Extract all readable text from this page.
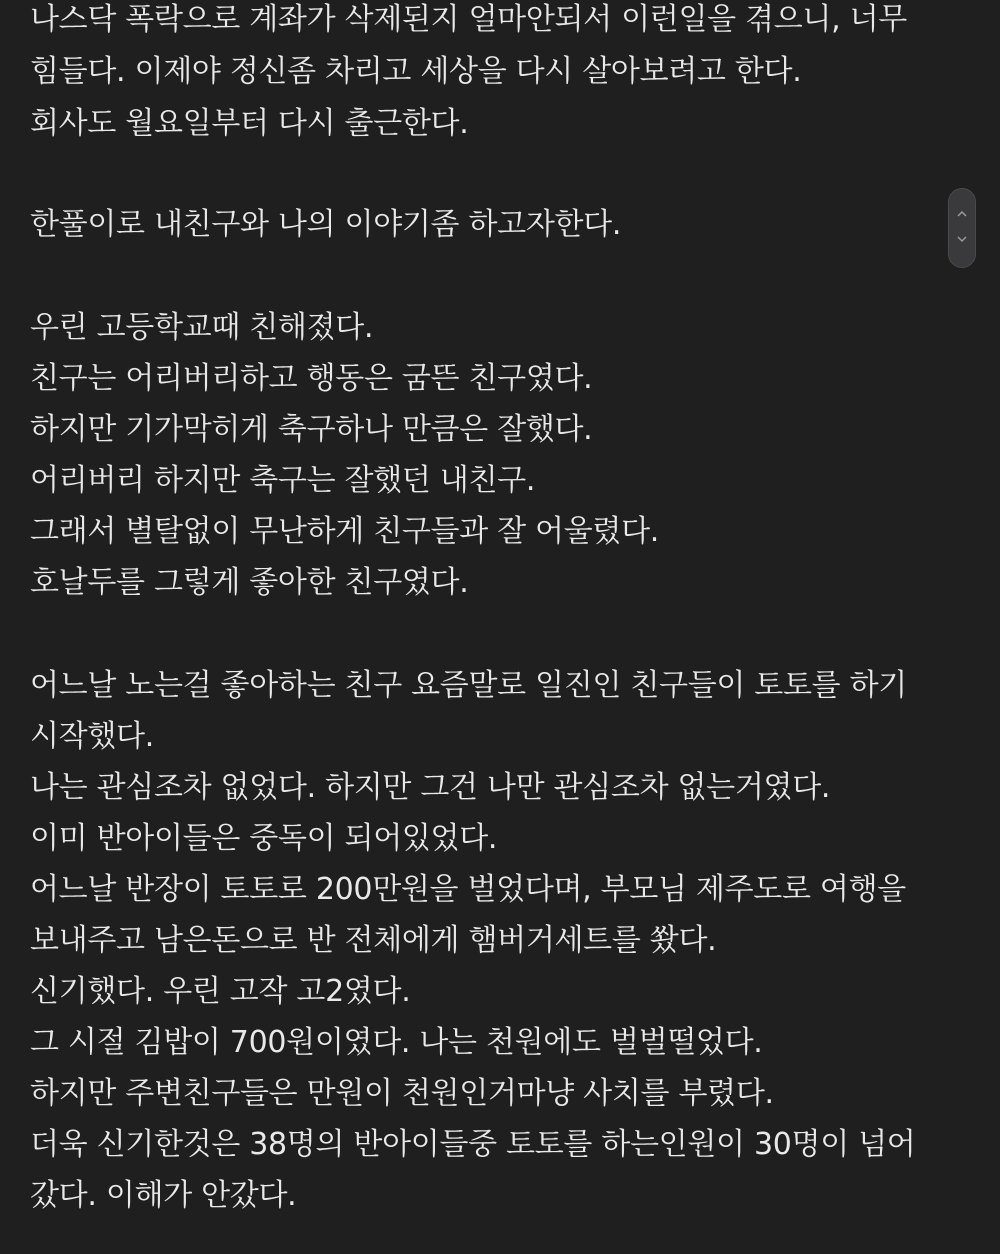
나스닥 폭락으로 계좌가 삭제된지 얼마안되서 이런일을 겪으니, 너무
힘들다. 이제야 정신좀 차리고 세상을 다시 살아보려고 한다.
회사도 월요일부터 다시 출근한다.
한풀이로 내친구와 나의 이야기좀 하고자한다.
우린 고등학교때 친해졌다.
친구는 어리버리하고 행동은 굼뜬 친구였다.
하지만 기가막히게 축구하나 만큼은 잘했다.
어리버리 하지만 축구는 잘했던 내친구.
그래서 별탈없이 무난하게 친구들과 잘 어울렸다.
호날두를 그렇게 좋아한 친구였다.
어느날 노는걸 좋아하는 친구 요즘말로 일진인 친구들이 토토를 하기
시작했다.
나는 관심조차 없었다. 하지만 그건 나만 관심조차 없는거였다.
이미 반아이들은 중독이 되어있었다.
어느날 반장이 토토로 200만원을 벌었다며, 부모님 제주도로 여행을
보내주고 남은돈으로 반 전체에게 햄버거세트를 쐈다.
신기했다. 우린 고작 고2였다.
그 시절 김밥이 700원이였다. 나는 천원에도 벌벌떨었다.
하지만 주변친구들은 만원이 천원인거마냥 사치를 부렸다.
더욱 신기한것은 38명의 반아이들중 토토를 하는인원이 30명이 넘어
갔다. 이해가 안갔다.
